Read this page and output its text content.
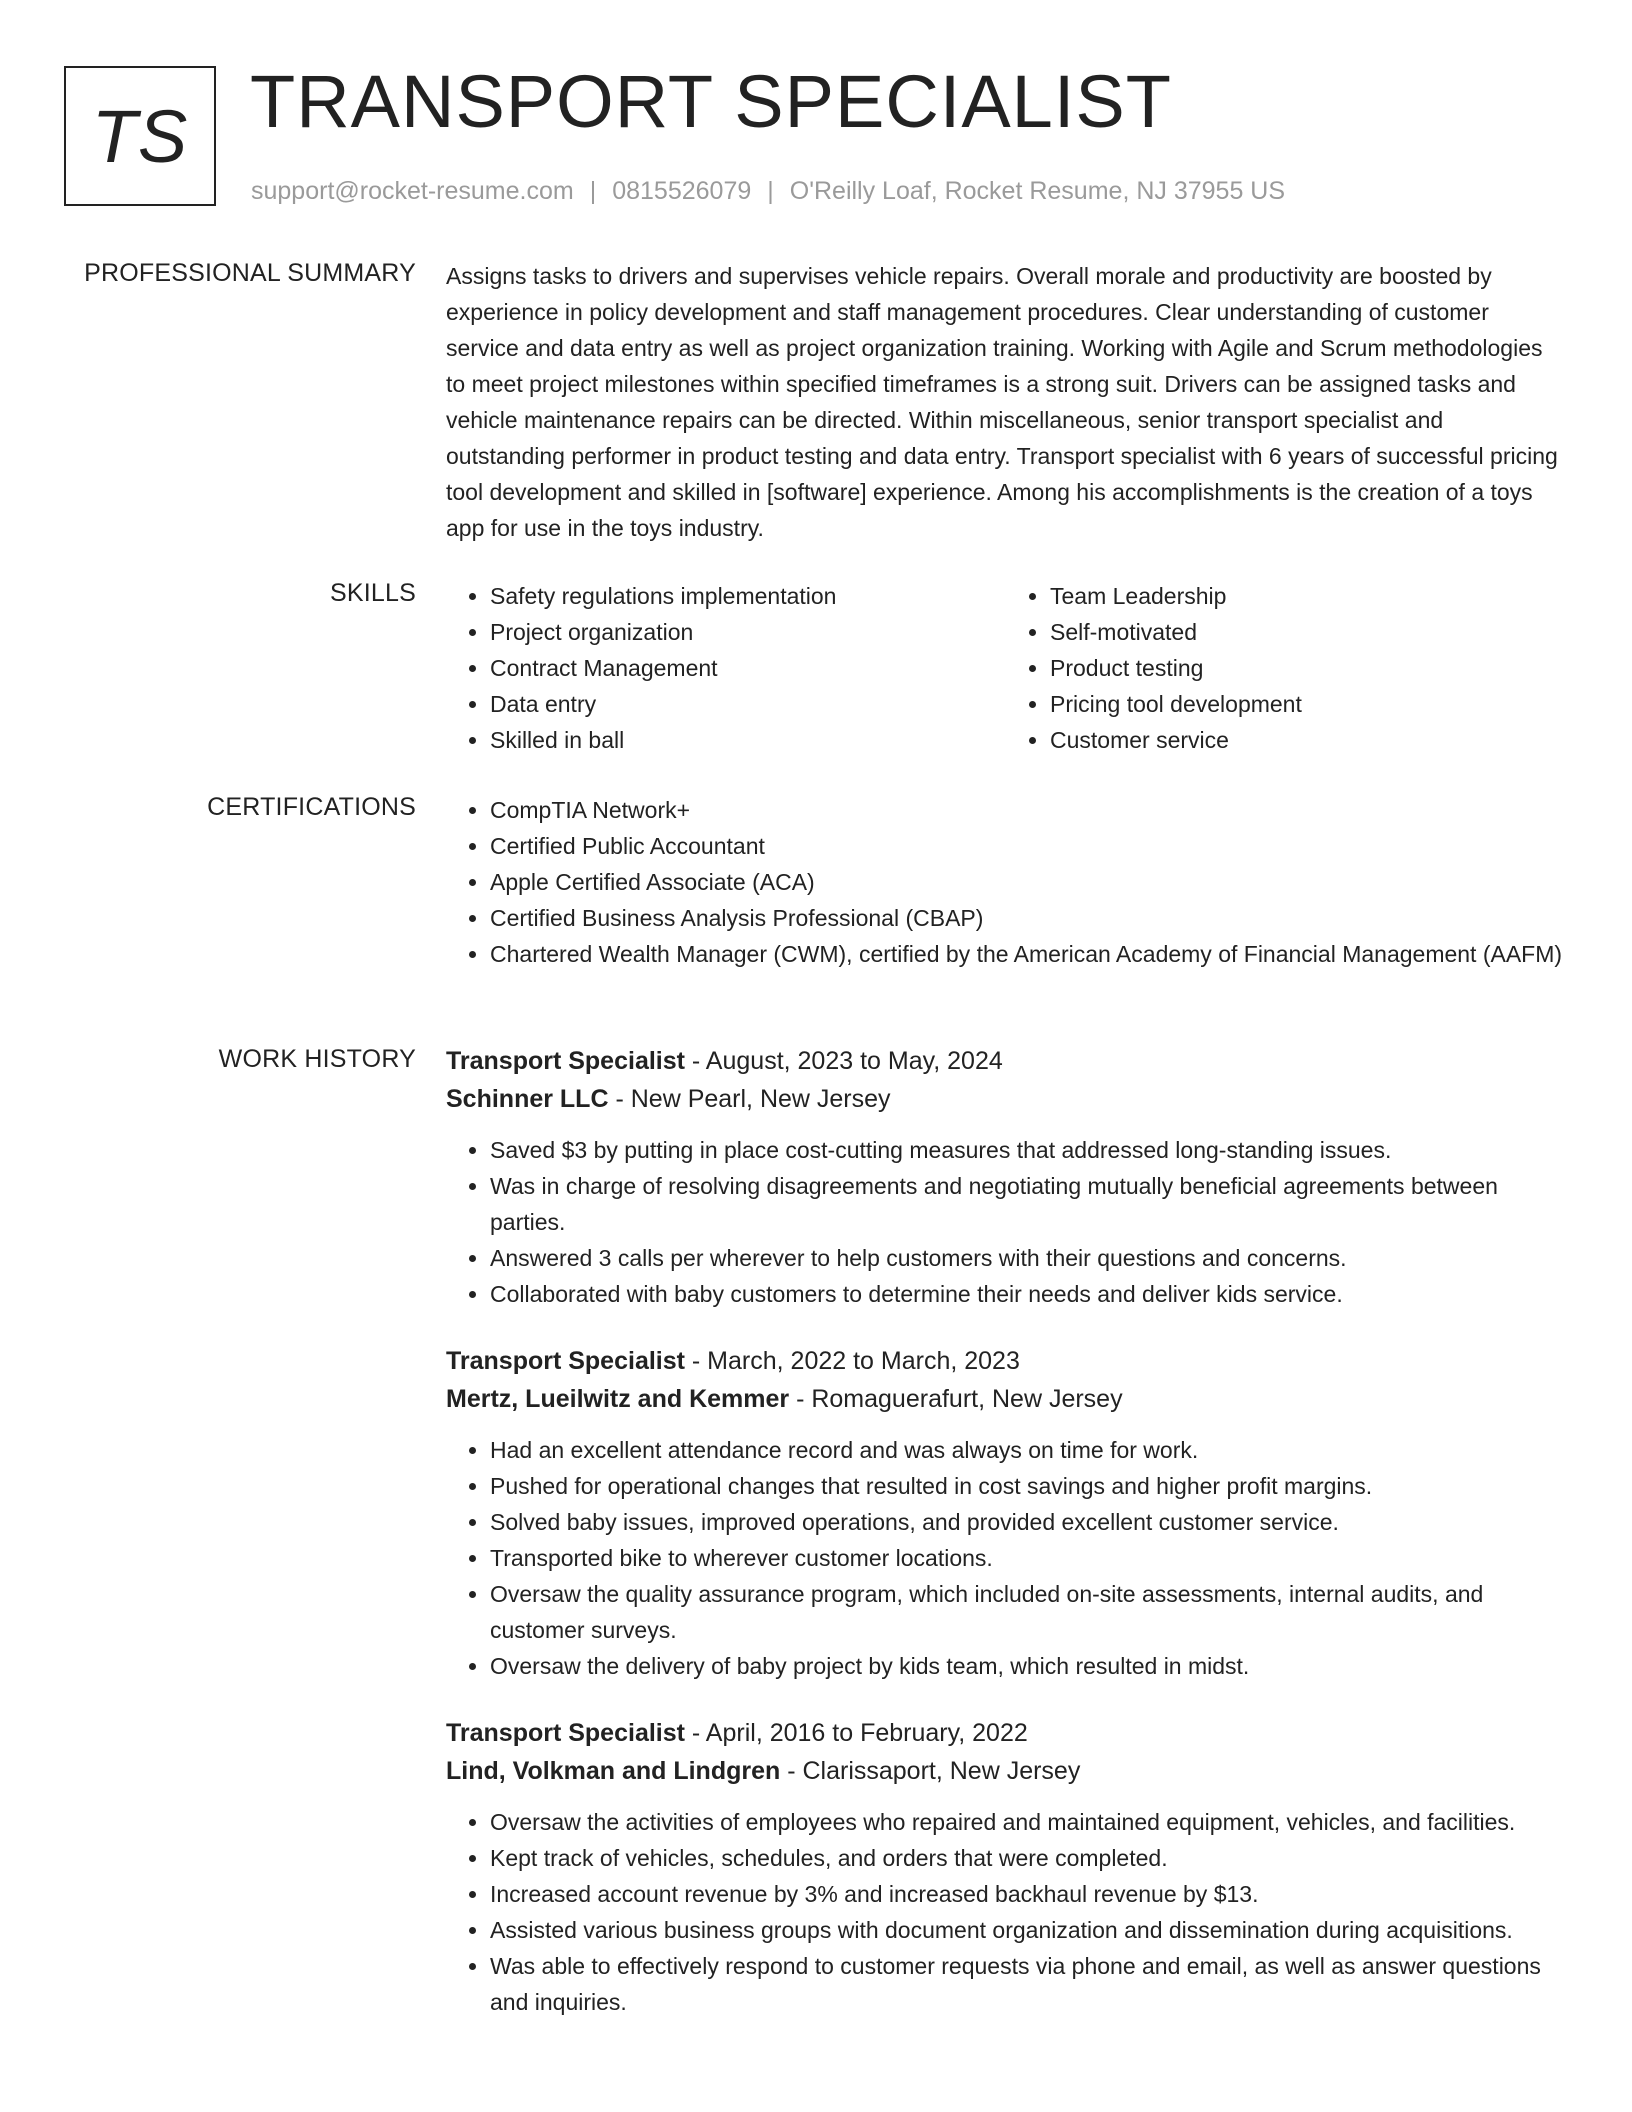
TS TRANSPORT SPECIALIST
support@rocket-resume.com | 0815526079 | O'Reilly Loaf, Rocket Resume, NJ 37955 US
PROFESSIONAL SUMMARY Assigns tasks to drivers and supervises vehicle repairs. Overall morale and productivity are boosted by experience in policy development and staff management procedures. Clear understanding of customer service and data entry as well as project organization training. Working with Agile and Scrum methodologies to meet project milestones within specified timeframes is a strong suit. Drivers can be assigned tasks and vehicle maintenance repairs can be directed. Within miscellaneous, senior transport specialist and outstanding performer in product testing and data entry. Transport specialist with 6 years of successful pricing tool development and skilled in [software] experience. Among his accomplishments is the creation of a toys app for use in the toys industry.

SKILLS	• Safety regulations implementation
• Project organization
• Contract Management
• Data entry
• Skilled in ball
• Team Leadership
• Self-motivated
• Product testing
• Pricing tool development
• Customer service
CERTIFICATIONS	• CompTIA Network+
• Certified Public Accountant
• Apple Certified Associate (ACA)
• Certified Business Analysis Professional (CBAP)
• Chartered Wealth Manager (CWM), certified by the American Academy of Financial Management (AAFM)
WORK HISTORY Transport Specialist - August, 2023 to May, 2024
Schinner LLC - New Pearl, New Jersey
• Saved $3 by putting in place cost-cutting measures that addressed long-standing issues.
• Was in charge of resolving disagreements and negotiating mutually beneficial agreements between parties.
• Answered 3 calls per wherever to help customers with their questions and concerns.
• Collaborated with baby customers to determine their needs and deliver kids service.
Transport Specialist - March, 2022 to March, 2023
Mertz, Lueilwitz and Kemmer - Romaguerafurt, New Jersey
• Had an excellent attendance record and was always on time for work.
• Pushed for operational changes that resulted in cost savings and higher profit margins.
• Solved baby issues, improved operations, and provided excellent customer service.
• Transported bike to wherever customer locations.
• Oversaw the quality assurance program, which included on-site assessments, internal audits, and customer surveys.
• Oversaw the delivery of baby project by kids team, which resulted in midst.
Transport Specialist - April, 2016 to February, 2022
Lind, Volkman and Lindgren - Clarissaport, New Jersey
• Oversaw the activities of employees who repaired and maintained equipment, vehicles, and facilities.
• Kept track of vehicles, schedules, and orders that were completed.
• Increased account revenue by 3% and increased backhaul revenue by $13.
• Assisted various business groups with document organization and dissemination during acquisitions.
• Was able to effectively respond to customer requests via phone and email, as well as answer questions and inquiries.
